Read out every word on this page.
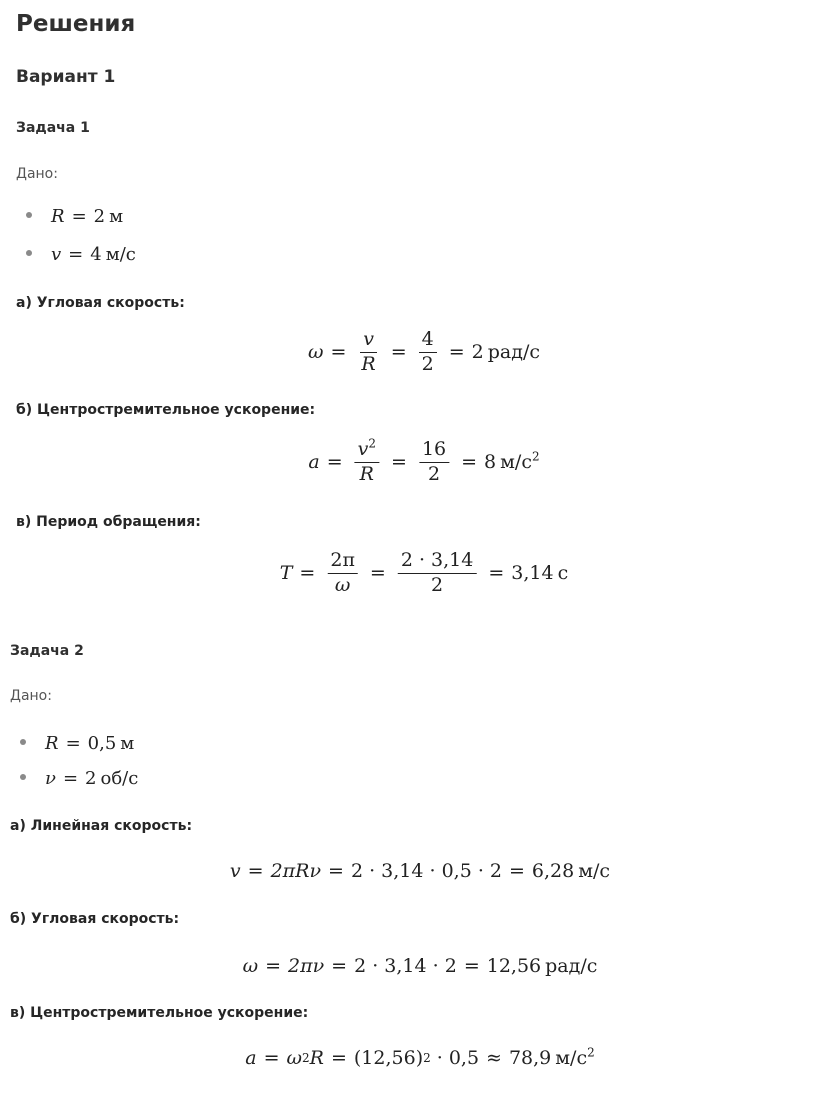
Решения
Вариант 1
Задача 1
Дано:
R = 2 м
v = 4 м/с
а) Угловая скорость:
$\omega = \frac{v}{R} = \frac{4}{2} = 2$ рад/с
б) Центростремительное ускорение:
$a = \frac{v^2}{R} = \frac{16}{2} = 8$ $м/с^2$
в) Период обращения:
$T = \frac{2\pi}{\omega} = \frac{2 \cdot 3,14}{2} = 3,14$ с
Задача 2
Дано:
R = 0,5 м
ν = 2 об/с
а) Линейная скорость:
v = 2πRν = 2 · 3,14 · 0,5 · 2 = 6,28 м/с
б) Угловая скорость:
ω = 2πν = 2 · 3,14 · 2 = 12,56 рад/с
в) Центростремительное ускорение:
a = ω 2 R = (12,56) 2 · 0,5 ≈ 78,9 $м/с^2$
